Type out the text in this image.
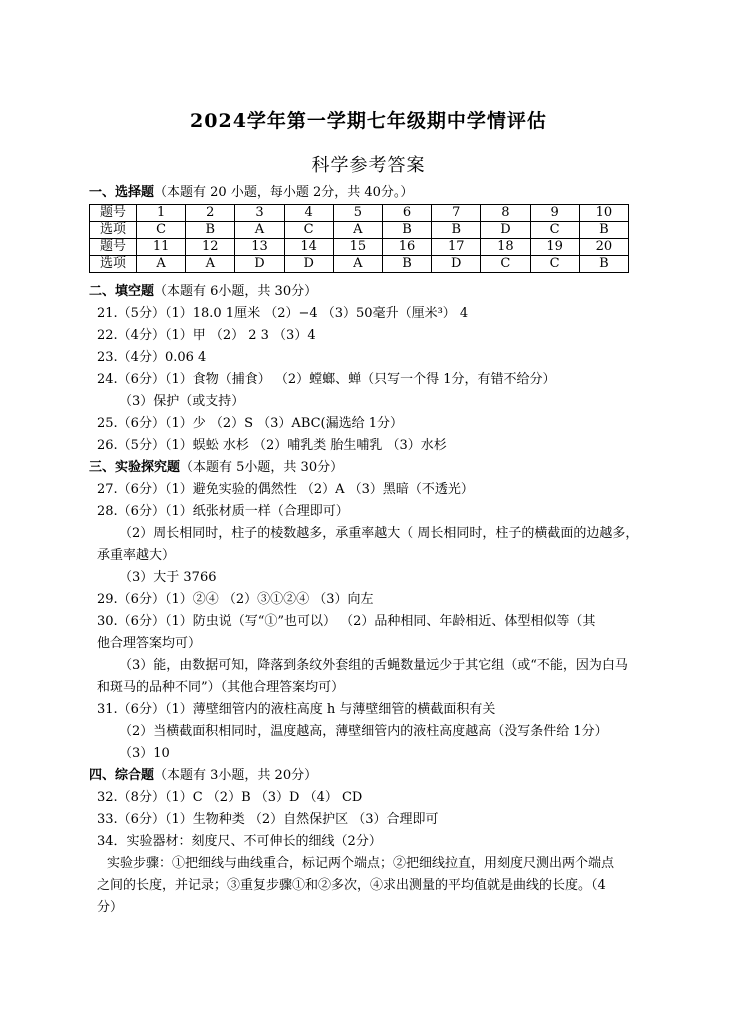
2024学年第一学期七年级期中学情评估
科学参考答案
一、选择题（本题有 20 小题，每小题 2分，共 40分。）
题号	1	2	3	4	5	6	7	8	9	10
选项	C	B	A	C	A	B	B	D	C	B
题号	11	12	13	14	15	16	17	18	19	20
选项	A	A	D	D	A	B	D	C	C	B
二、填空题（本题有 6小题，共 30分）
21.（5分）（1）18.0 1厘米 （2）−4 （3）50毫升（厘米³） 4
22.（4分）（1）甲 （2） 2 3 （3）4
23.（4分）0.06 4
24.（6分）（1）食物（捕食） （2）螳螂、蝉（只写一个得 1分，有错不给分）
（3）保护（或支持）
25.（6分）（1）少 （2）S （3）ABC(漏选给 1分）
26.（5分）（1）蜈蚣 水杉 （2）哺乳类 胎生哺乳 （3）水杉
三、实验探究题（本题有 5小题，共 30分）
27.（6分）（1）避免实验的偶然性 （2）A （3）黑暗（不透光）
28.（6分）（1）纸张材质一样（合理即可）
（2）周长相同时，柱子的棱数越多，承重率越大（ 周长相同时，柱子的横截面的边越多，
承重率越大）
（3）大于 3766
29.（6分）（1）②④ （2）③①②④ （3）向左
30.（6分）（1）防虫说（写“①”也可以） （2）品种相同、年龄相近、体型相似等（其
他合理答案均可）
（3）能，由数据可知，降落到条纹外套组的舌蝇数量远少于其它组（或“不能，因为白马
和斑马的品种不同”）（其他合理答案均可）
31.（6分）（1）薄壁细管内的液柱高度 h 与薄壁细管的横截面积有关
（2）当横截面积相同时，温度越高，薄壁细管内的液柱高度越高（没写条件给 1分）
（3）10
四、综合题（本题有 3小题，共 20分）
32.（8分）（1）C （2）B （3）D （4） CD
33.（6分）（1）生物种类 （2）自然保护区 （3）合理即可
34．实验器材：刻度尺、不可伸长的细线（2分）
实验步骤：①把细线与曲线重合，标记两个端点；②把细线拉直，用刻度尺测出两个端点
之间的长度，并记录；③重复步骤①和②多次，④求出测量的平均值就是曲线的长度。（4
分）
